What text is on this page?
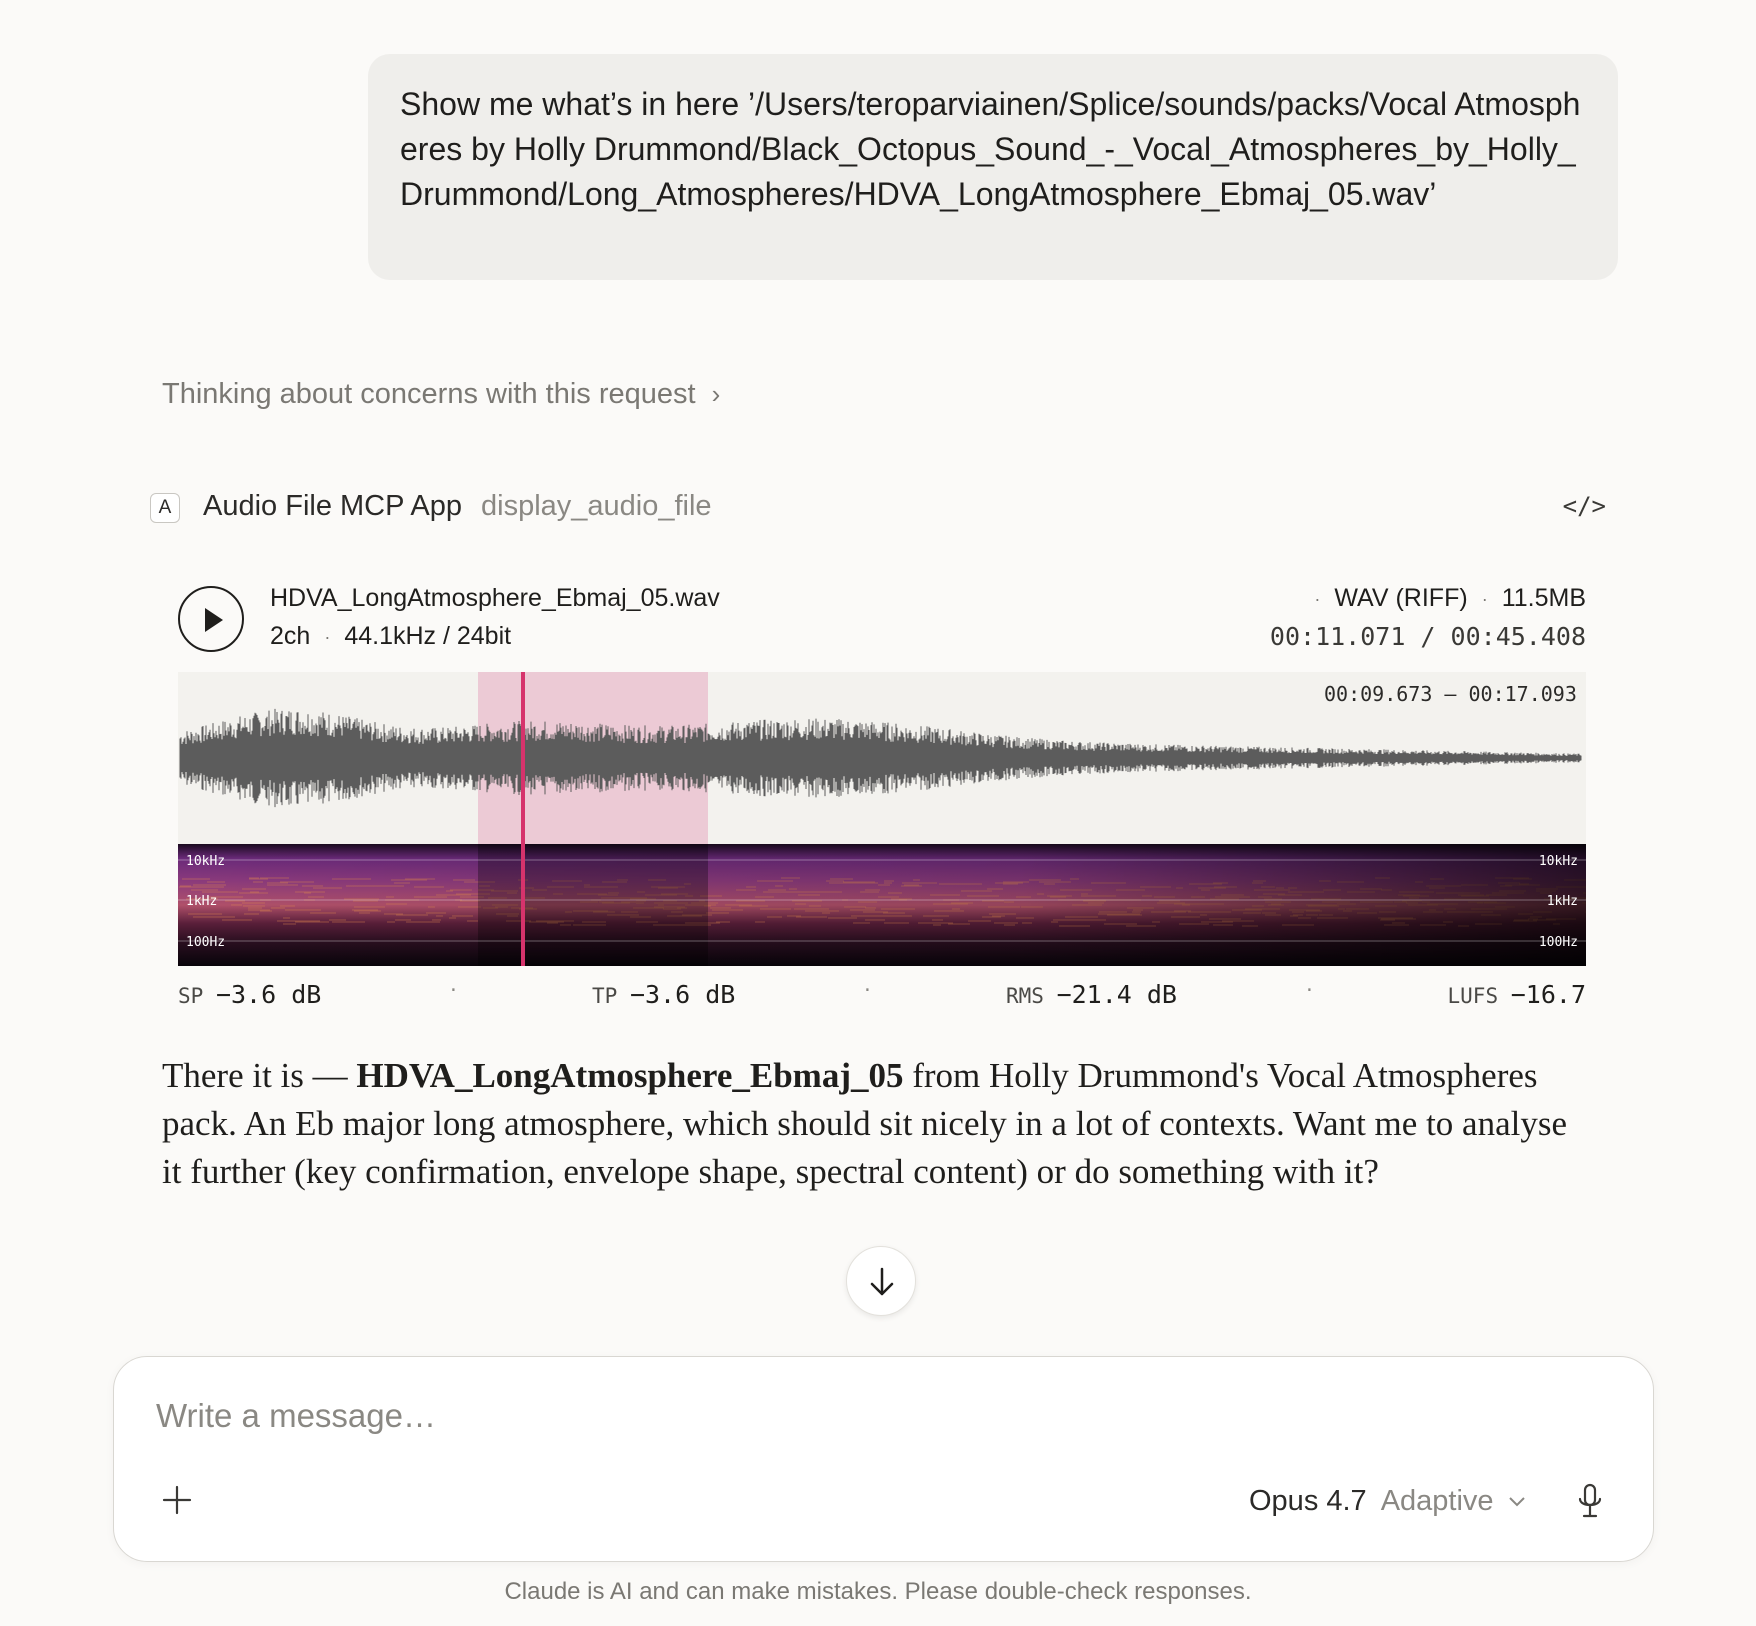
Show me what’s in here ’/Users/teroparviainen/Splice/sounds/packs/Vocal Atmospheres by Holly Drummond/Black_Octopus_Sound_-_Vocal_Atmospheres_by_Holly_Drummond/Long_Atmospheres/HDVA_LongAtmosphere_Ebmaj_05.wav’
Thinking about concerns with this request ›
A Audio File MCP App display_audio_file	</>
HDVA_LongAtmosphere_Ebmaj_05.wav
2ch · 44.1kHz / 24bit
· WAV (RIFF) · 11.5MB
00:11.071 / 00:45.408
00:09.673 – 00:17.093
10kHz	10kHz
1kHz	1kHz
100Hz	100Hz
SP −3.6 dB	TP −3.6 dB	RMS −21.4 dB	LUFS −16.7
·	·	·
There it is — HDVA_LongAtmosphere_Ebmaj_05 from Holly Drummond's Vocal Atmospheres pack. An Eb major long atmosphere, which should sit nicely in a lot of contexts. Want me to analyse it further (key confirmation, envelope shape, spectral content) or do something with it?
Write a message…
Opus 4.7 Adaptive
Claude is AI and can make mistakes. Please double-check responses.
